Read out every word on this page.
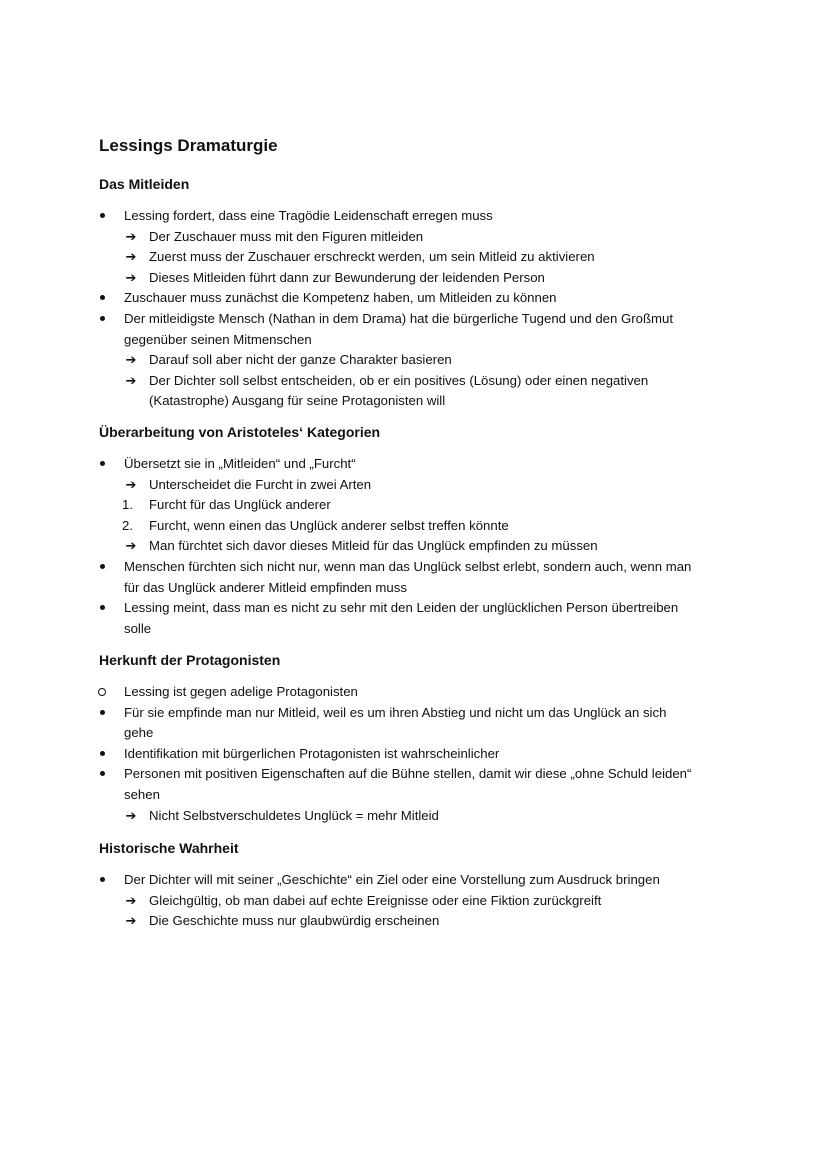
Lessings Dramaturgie
Das Mitleiden
Lessing fordert, dass eine Tragödie Leidenschaft erregen muss
➔ Der Zuschauer muss mit den Figuren mitleiden
➔ Zuerst muss der Zuschauer erschreckt werden, um sein Mitleid zu aktivieren
➔ Dieses Mitleiden führt dann zur Bewunderung der leidenden Person
Zuschauer muss zunächst die Kompetenz haben, um Mitleiden zu können
Der mitleidigste Mensch (Nathan in dem Drama) hat die bürgerliche Tugend und den Großmut
gegenüber seinen Mitmenschen
➔ Darauf soll aber nicht der ganze Charakter basieren
➔ Der Dichter soll selbst entscheiden, ob er ein positives (Lösung) oder einen negativen
(Katastrophe) Ausgang für seine Protagonisten will
Überarbeitung von Aristoteles‘ Kategorien
Übersetzt sie in „Mitleiden“ und „Furcht“
➔ Unterscheidet die Furcht in zwei Arten
1. Furcht für das Unglück anderer
2. Furcht, wenn einen das Unglück anderer selbst treffen könnte
➔ Man fürchtet sich davor dieses Mitleid für das Unglück empfinden zu müssen
Menschen fürchten sich nicht nur, wenn man das Unglück selbst erlebt, sondern auch, wenn man
für das Unglück anderer Mitleid empfinden muss
Lessing meint, dass man es nicht zu sehr mit den Leiden der unglücklichen Person übertreiben
solle
Herkunft der Protagonisten
Lessing ist gegen adelige Protagonisten
Für sie empfinde man nur Mitleid, weil es um ihren Abstieg und nicht um das Unglück an sich
gehe
Identifikation mit bürgerlichen Protagonisten ist wahrscheinlicher
Personen mit positiven Eigenschaften auf die Bühne stellen, damit wir diese „ohne Schuld leiden“
sehen
➔ Nicht Selbstverschuldetes Unglück = mehr Mitleid
Historische Wahrheit
Der Dichter will mit seiner „Geschichte“ ein Ziel oder eine Vorstellung zum Ausdruck bringen
➔ Gleichgültig, ob man dabei auf echte Ereignisse oder eine Fiktion zurückgreift
➔ Die Geschichte muss nur glaubwürdig erscheinen
